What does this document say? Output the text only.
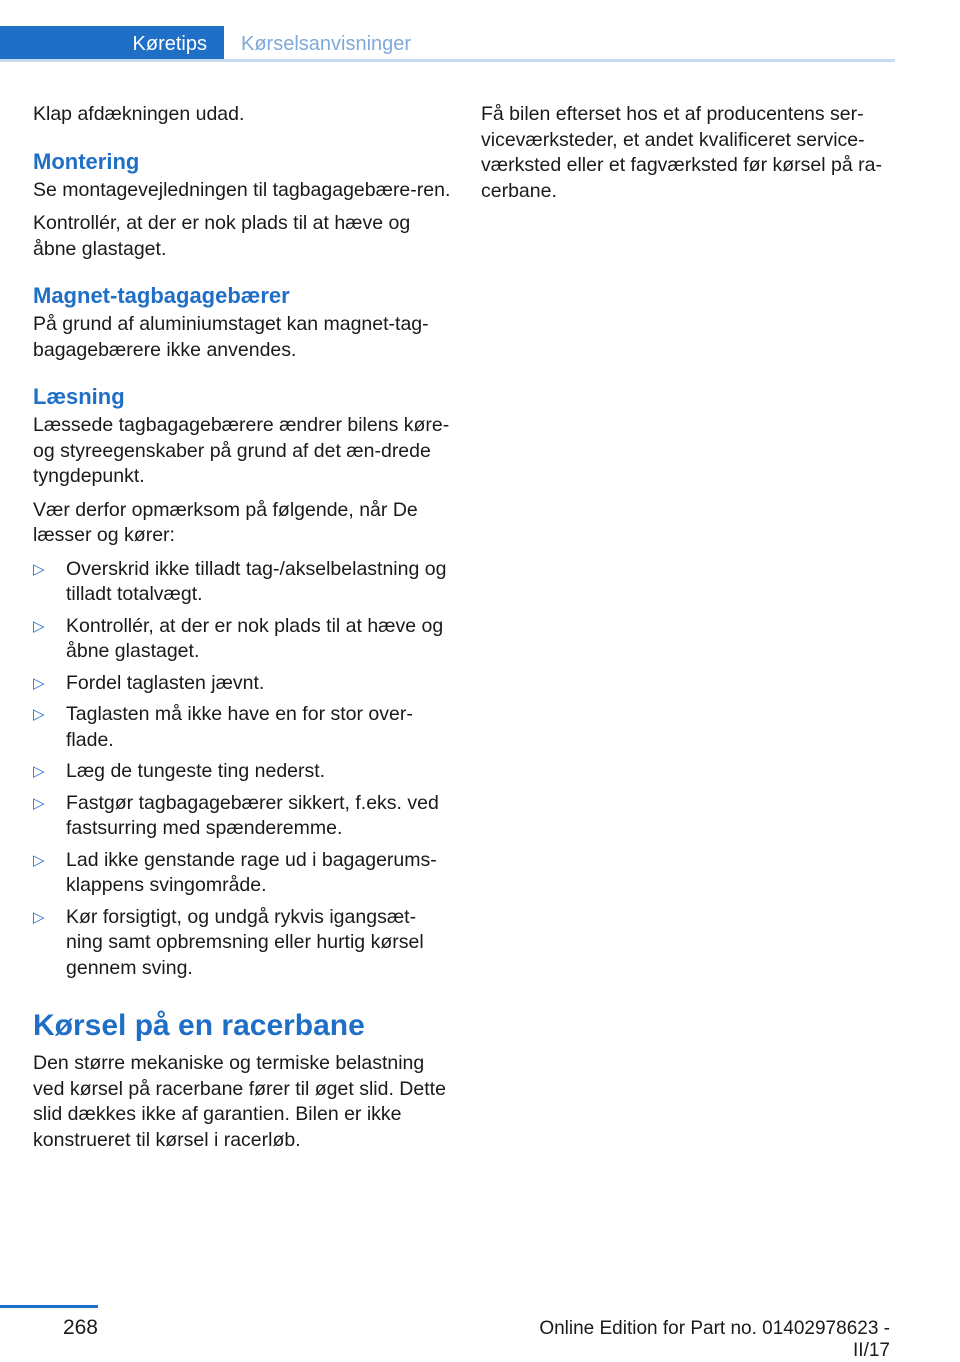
Køretips	Kørselsanvisninger

Klap afdækningen udad.

Montering

Se montagevejledningen til tagbagagebære‐ren.

Kontrollér, at der er nok plads til at hæve og åbne glastaget.

Magnet-tagbagagebærer

På grund af aluminiumstaget kan magnet-tag‐bagagebærere ikke anvendes.

Læsning

Læssede tagbagagebærere ændrer bilens køre- og styreegenskaber på grund af det æn‐drede tyngdepunkt.

Vær derfor opmærksom på følgende, når De læsser og kører:

▷ Overskrid ikke tilladt tag-/akselbelastning og tilladt totalvægt.
▷ Kontrollér, at der er nok plads til at hæve og åbne glastaget.
▷ Fordel taglasten jævnt.
▷ Taglasten må ikke have en for stor over‐flade.
▷ Læg de tungeste ting nederst.
▷ Fastgør tagbagagebærer sikkert, f.eks. ved fastsurring med spænderemme.
▷ Lad ikke genstande rage ud i bagagerums‐klappens svingområde.
▷ Kør forsigtigt, og undgå rykvis igangsæt‐ning samt opbremsning eller hurtig kørsel gennem sving.
Kørsel på en racerbane

Den større mekaniske og termiske belastning ved kørsel på racerbane fører til øget slid. Dette slid dækkes ikke af garantien. Bilen er ikke konstrueret til kørsel i racerløb.

Få bilen efterset hos et af producentens ser‐viceværksteder, et andet kvalificeret service‐værksted eller et fagværksted før kørsel på ra‐cerbane.

268	Online Edition for Part no. 01402978623 - II/17
